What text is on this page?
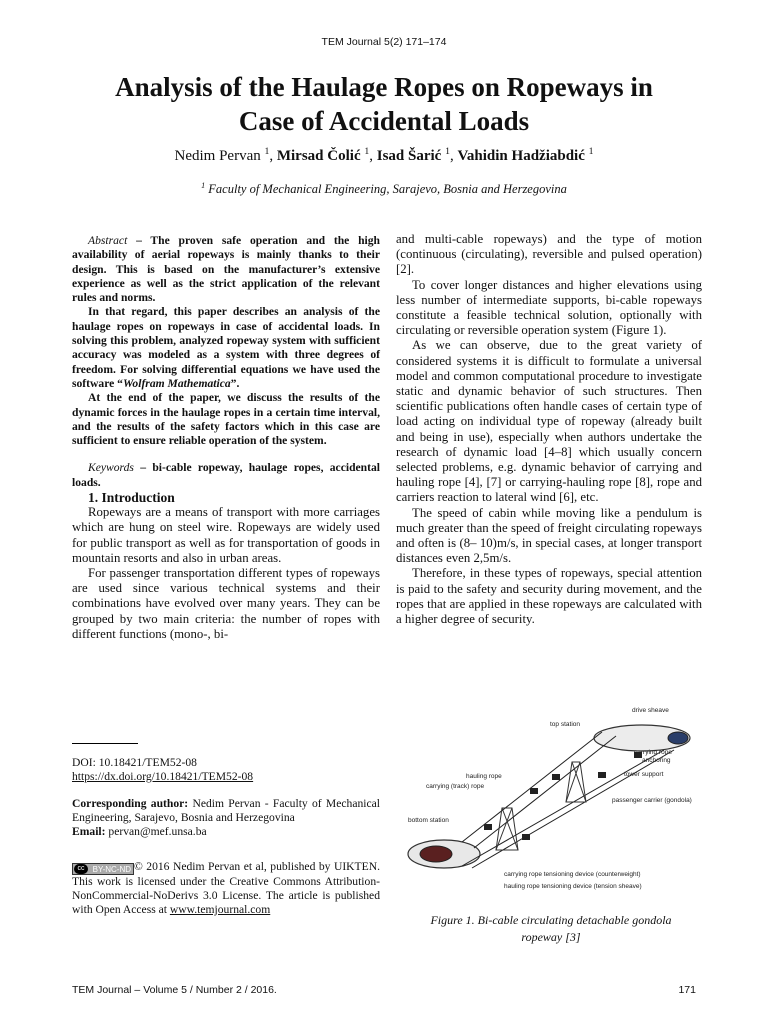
TEM Journal 5(2) 171–174
Analysis of the Haulage Ropes on Ropeways in
Case of Accidental Loads
Nedim Pervan $^1$, Mirsad Čolić $^1$, Isad Šarić $^1$, Vahidin Hadžiabdić $^1$
$^1$ Faculty of Mechanical Engineering, Sarajevo, Bosnia and Herzegovina

Abstract – The proven safe operation and the high availability of aerial ropeways is mainly thanks to their design. This is based on the manufacturer’s extensive experience as well as the strict application of the relevant rules and norms.

In that regard, this paper describes an analysis of the haulage ropes on ropeways in case of accidental loads. In solving this problem, analyzed ropeway system with sufficient accuracy was modeled as a system with three degrees of freedom. For solving differential equations we have used the software “Wolfram Mathematica”.

At the end of the paper, we discuss the results of the dynamic forces in the haulage ropes in a certain time interval, and the results of the safety factors which in this case are sufficient to ensure reliable operation of the system.

Keywords – bi-cable ropeway, haulage ropes, accidental loads.

1. Introduction

Ropeways are a means of transport with more carriages which are hung on steel wire. Ropeways are widely used for public transport as well as for transportation of goods in mountain resorts and also in urban areas.

For passenger transportation different types of ropeways are used since various technical systems and their combinations have evolved over many years. They can be grouped by two main criteria: the number of ropes with different functions (mono-, bi-

and multi-cable ropeways) and the type of motion (continuous (circulating), reversible and pulsed operation) [2].

To cover longer distances and higher elevations using less number of intermediate supports, bi-cable ropeways constitute a feasible technical solution, optionally with circulating or reversible operation system (Figure 1).

As we can observe, due to the great variety of considered systems it is difficult to formulate a universal model and common computational procedure to investigate static and dynamic behavior of such structures. Then scientific publications often handle cases of certain type of load acting on individual type of ropeway (already built and being in use), especially when authors undertake the research of dynamic load [4–8] which usually concern selected problems, e.g. dynamic behavior of carrying and hauling rope [4], [7] or carrying-hauling rope [8], rope and carriers reaction to lateral wind [6], etc.

The speed of cabin while moving like a pendulum is much greater than the speed of freight circulating ropeways and often is (8– 10)m/s, in special cases, at longer transport distances even 2,5m/s.

Therefore, in these types of ropeways, special attention is paid to the safety and security during movement, and the ropes that are applied in these ropeways are calculated with a higher degree of security.

DOI: 10.18421/TEM52-08
https://dx.doi.org/10.18421/TEM52-08
Corresponding author: Nedim Pervan - Faculty of Mechanical Engineering, Sarajevo, Bosnia and Herzegovina
Email: pervan@mef.unsa.ba
cc	BY-NC-ND © 2016 Nedim Pervan et al, published by UIKTEN. This work is licensed under the Creative Commons Attribution-NonCommercial-NoDerivs 3.0 License. The article is published with Open Access at www.temjournal.com
drive sheave
top station
carrying rope
anchoring
tower support
hauling rope
carrying (track) rope
passenger carrier (gondola)
bottom station
carrying rope tensioning device (counterweight)
hauling rope tensioning device (tension sheave)
Figure 1. Bi-cable circulating detachable gondola
ropeway [3]
TEM Journal – Volume 5 / Number 2 / 2016.	171
